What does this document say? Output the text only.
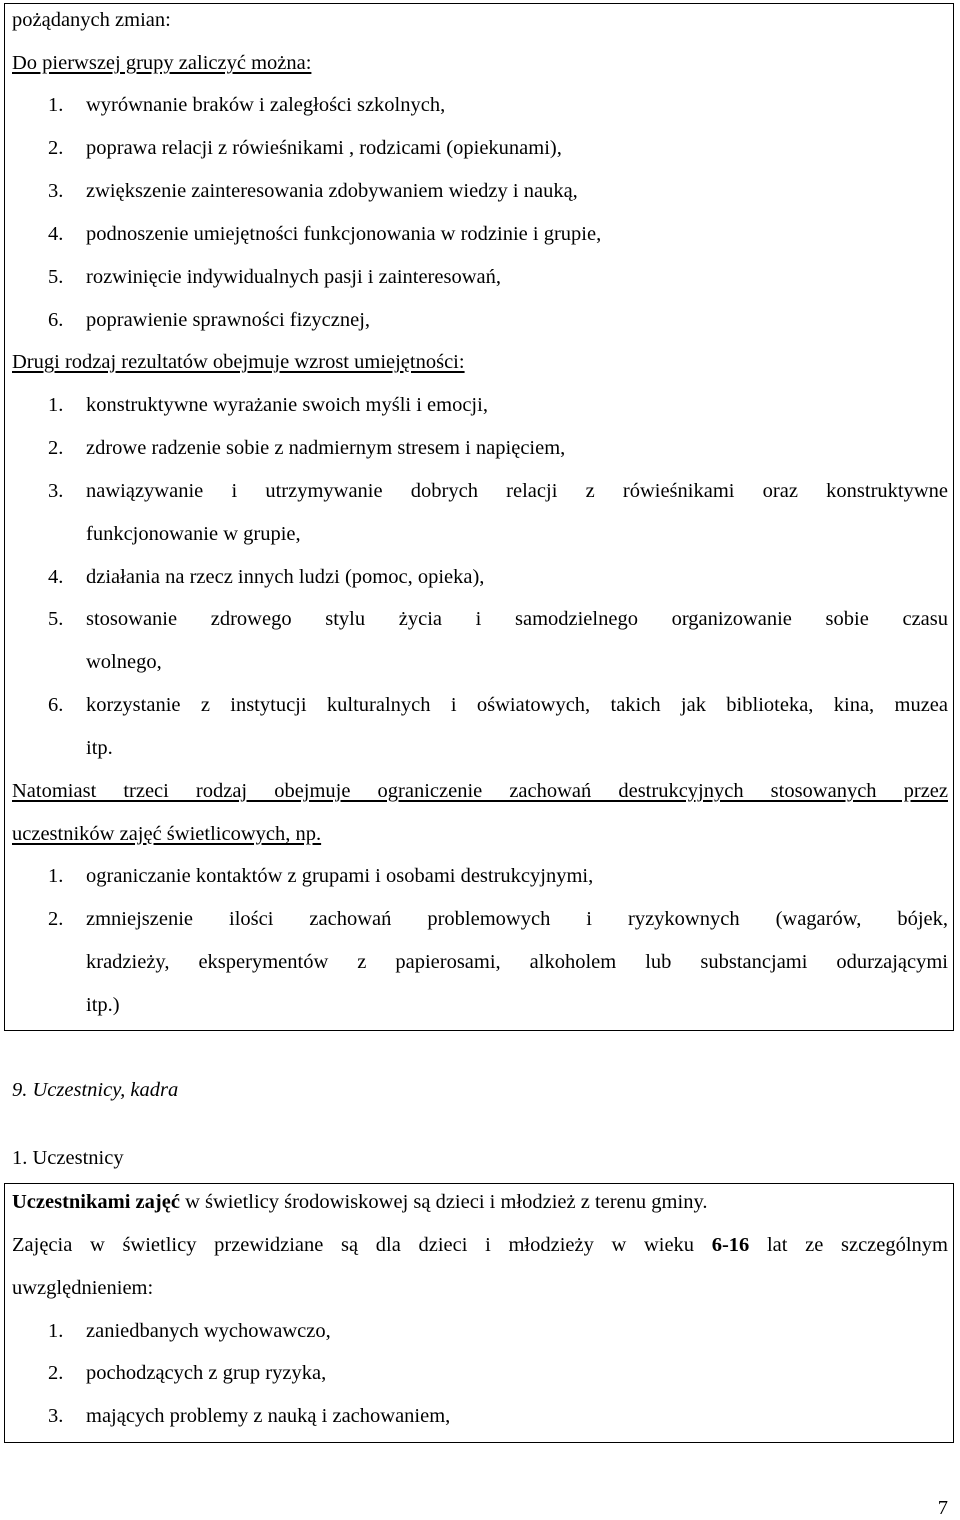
pożądanych zmian:
Do pierwszej grupy zaliczyć można:
1. wyrównanie braków i zaległości szkolnych,
2. poprawa relacji z rówieśnikami , rodzicami (opiekunami),
3. zwiększenie zainteresowania zdobywaniem wiedzy i nauką,
4. podnoszenie umiejętności funkcjonowania w rodzinie i grupie,
5. rozwinięcie indywidualnych pasji i zainteresowań,
6. poprawienie sprawności fizycznej,
Drugi rodzaj rezultatów obejmuje wzrost umiejętności:
1. konstruktywne wyrażanie swoich myśli i emocji,
2. zdrowe radzenie sobie z nadmiernym stresem i napięciem,
3. nawiązywanie i utrzymywanie dobrych relacji z rówieśnikami oraz konstruktywne
funkcjonowanie w grupie,
4. działania na rzecz innych ludzi (pomoc, opieka),
5. stosowanie zdrowego stylu życia i samodzielnego organizowanie sobie czasu
wolnego,
6. korzystanie z instytucji kulturalnych i oświatowych, takich jak biblioteka, kina, muzea
itp.
Natomiast trzeci rodzaj obejmuje ograniczenie zachowań destrukcyjnych stosowanych przez
uczestników zajęć świetlicowych, np.
1. ograniczanie kontaktów z grupami i osobami destrukcyjnymi,
2. zmniejszenie ilości zachowań problemowych i ryzykownych (wagarów, bójek,
kradzieży, eksperymentów z papierosami, alkoholem lub substancjami odurzającymi
itp.)
9. Uczestnicy, kadra
1. Uczestnicy
Uczestnikami zajęć w świetlicy środowiskowej są dzieci i młodzież z terenu gminy.
Zajęcia w świetlicy przewidziane są dla dzieci i młodzieży w wieku 6-16 lat ze szczególnym
uwzględnieniem:
1. zaniedbanych wychowawczo,
2. pochodzących z grup ryzyka,
3. mających problemy z nauką i zachowaniem,
7
